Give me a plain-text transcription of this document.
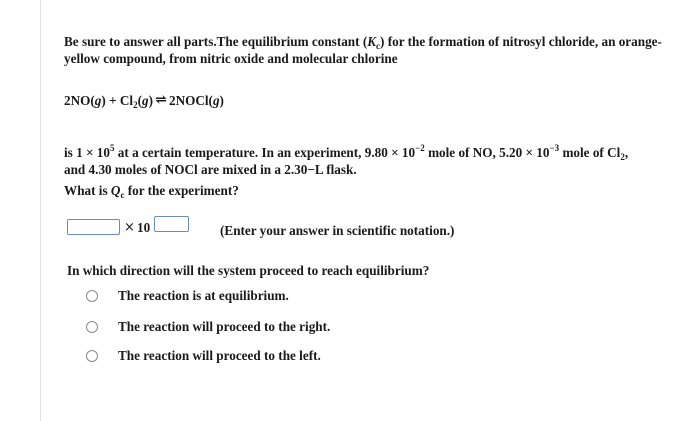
Be sure to answer all parts.The equilibrium constant $(K_c)$ for the formation of nitrosyl chloride, an orange-yellow compound, from nitric oxide and molecular chlorine
$2NO(g) + Cl_2(g)$ ⇌ 2NOCl(g)
is $1 \times 10^5$ at a certain temperature. In an experiment, $9.80 \times 10^{-2}$ mole of NO, $5.20 \times 10^{-3}$ mole of $Cl_2$,
and 4.30 moles of NOCl are mixed in a 2.30−L flask.
What is $Q_c$ for the experiment?
× 10	(Enter your answer in scientific notation.)
In which direction will the system proceed to reach equilibrium?
The reaction is at equilibrium.
The reaction will proceed to the right.
The reaction will proceed to the left.
